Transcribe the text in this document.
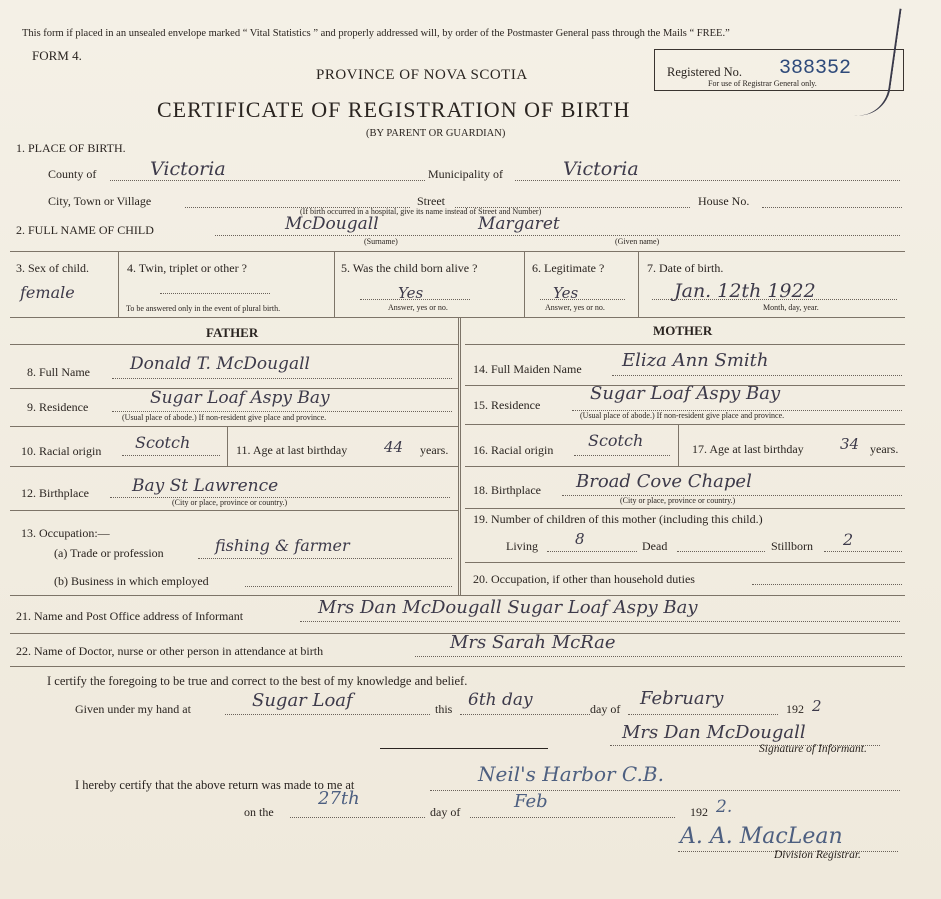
This form if placed in an unsealed envelope marked “ Vital Statistics ” and properly addressed will, by order of the Postmaster General pass through the Mails “ FREE.”
FORM 4.
PROVINCE OF NOVA SCOTIA
CERTIFICATE OF REGISTRATION OF BIRTH
(BY PARENT OR GUARDIAN)
Registered No. 388352
For use of Registrar General only.
1. PLACE OF BIRTH.
County of	Victoria	Municipality of	Victoria
City, Town or Village	Street	House No.
(If birth occurred in a hospital, give its name instead of Street and Number)
2. FULL NAME OF CHILD	McDougall	Margaret
(Surname)	(Given name)
3. Sex of child.
female
4. Twin, triplet or other ?
To be answered only in the event of plural birth.
5. Was the child born alive ?
Yes
Answer, yes or no.
6. Legitimate ?
Yes
Answer, yes or no.
7. Date of birth.
Jan. 12th 1922
Month, day, year.
FATHER	MOTHER
8. Full Name Donald T. McDougall
9. Residence	Sugar Loaf Aspy Bay
(Usual place of abode.) If non-resident give place and province.
10. Racial origin Scotch	11. Age at last birthday 44 years.
12. Birthplace	Bay St Lawrence
(City or place, province or country.)
13. Occupation:—
(a) Trade or profession	fishing & farmer
(b) Business in which employed
14. Full Maiden Name Eliza Ann Smith
15. Residence
Sugar Loaf Aspy Bay
(Usual place of abode.) If non-resident give place and province.
16. Racial origin Scotch	17. Age at last birthday 34 years.
18. Birthplace Broad Cove Chapel
(City or place, province or country.)
19. Number of children of this mother (including this child.)
Living 8	Dead	Stillborn 2
20. Occupation, if other than household duties
21. Name and Post Office address of Informant	Mrs Dan McDougall Sugar Loaf Aspy Bay
22. Name of Doctor, nurse or other person in attendance at birth	Mrs Sarah McRae
I certify the foregoing to be true and correct to the best of my knowledge and belief.
Given under my hand at	Sugar Loaf	this 6th day	day of February	192 2
Mrs Dan McDougall
Signature of Informant.
I hereby certify that the above return was made to me at	Neil's Harbor C.B.
on the
27th
day of	Feb	192 2.
A. A. MacLean
Division Registrar.
